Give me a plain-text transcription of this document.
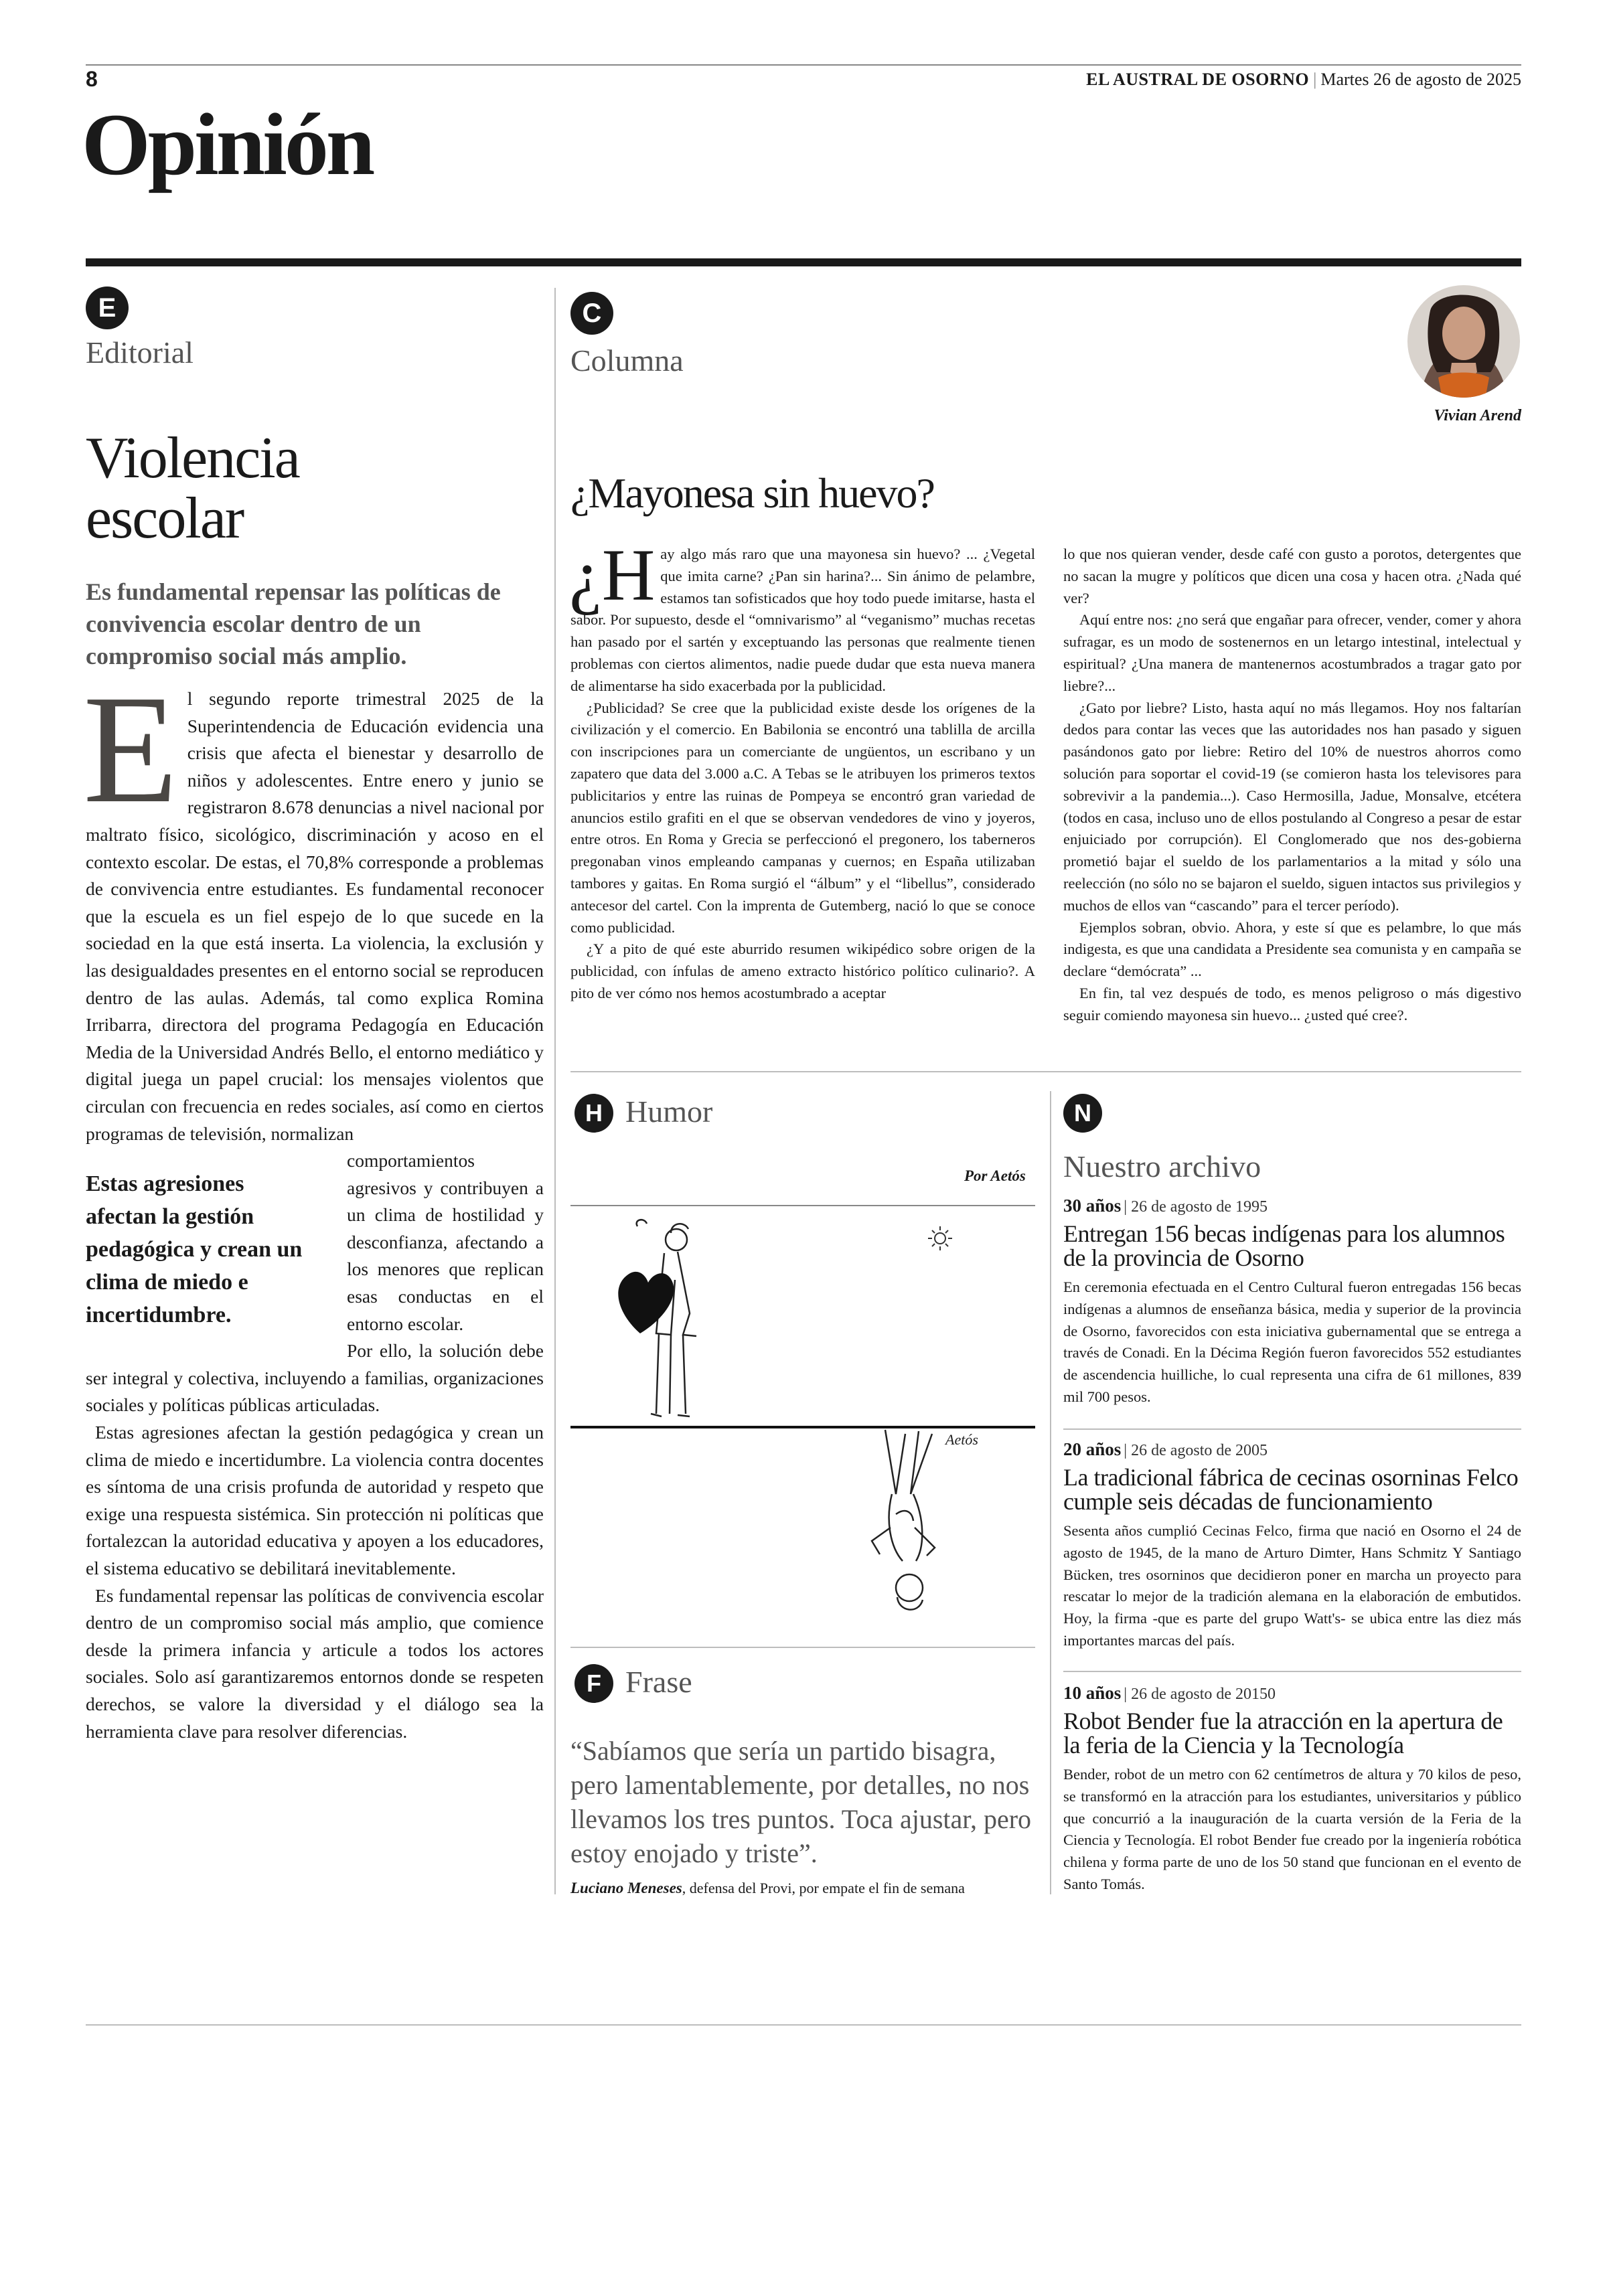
8	EL AUSTRAL DE OSORNO | Martes 26 de agosto de 2025
Opinión
E
Editorial
Violencia
escolar
Es fundamental repensar las políticas de convivencia escolar dentro de un compromiso social más amplio.
E l segundo reporte trimestral 2025 de la Superintendencia de Educación evidencia una crisis que afecta el bienestar y desarrollo de niños y adolescentes. Entre enero y junio se registraron 8.678 denuncias a nivel nacional por maltrato físico, sicológico, discriminación y acoso en el contexto escolar. De estas, el 70,8% corresponde a problemas de convivencia entre estudiantes. Es fundamental reconocer que la escuela es un fiel espejo de lo que sucede en la sociedad en la que está inserta. La violencia, la exclusión y las desigualdades presentes en el entorno social se reproducen dentro de las aulas. Además, tal como explica Romina Irribarra, directora del programa Pedagogía en Educación Media de la Universidad Andrés Bello, el entorno mediático y digital juega un papel crucial: los mensajes violentos que circulan con frecuencia en redes sociales, así como en ciertos programas de televisión, normalizan

Estas agresiones afectan la gestión pedagógica y crean un clima de miedo e incertidumbre.

comportamientos agresivos y contribuyen a un clima de hostilidad y desconfianza, afectando a los menores que replican esas conductas en el entorno escolar.

Por ello, la solución debe ser integral y colectiva, incluyendo a familias, organizaciones sociales y políticas públicas articuladas.

Estas agresiones afectan la gestión pedagógica y crean un clima de miedo e incertidumbre. La violencia contra docentes es síntoma de una crisis profunda de autoridad y respeto que exige una respuesta sistémica. Sin protección ni políticas que fortalezcan la autoridad educativa y apoyen a los educadores, el sistema educativo se debilitará inevitablemente.

Es fundamental repensar las políticas de convivencia escolar dentro de un compromiso social más amplio, que comience desde la primera infancia y articule a todos los actores sociales. Solo así garantizaremos entornos donde se respeten derechos, se valore la diversidad y el diálogo sea la herramienta clave para resolver diferencias.

C
Columna
Vivian Arend
¿Mayonesa sin huevo?
¿H ay algo más raro que una mayonesa sin huevo? ... ¿Vegetal que imita carne? ¿Pan sin harina?... Sin ánimo de pelambre, estamos tan sofisticados que hoy todo puede imitarse, hasta el sabor. Por supuesto, desde el “omnivarismo” al “veganismo” muchas recetas han pasado por el sartén y exceptuando las personas que realmente tienen problemas con ciertos alimentos, nadie puede dudar que esta nueva manera de alimentarse ha sido exacerbada por la publicidad.

¿Publicidad? Se cree que la publicidad existe desde los orígenes de la civilización y el comercio. En Babilonia se encontró una tablilla de arcilla con inscripciones para un comerciante de ungüentos, un escribano y un zapatero que data del 3.000 a.C. A Tebas se le atribuyen los primeros textos publicitarios y entre las ruinas de Pompeya se encontró gran variedad de anuncios estilo grafiti en el que se observan vendedores de vino y joyeros, entre otros. En Roma y Grecia se perfeccionó el pregonero, los taberneros pregonaban vinos empleando campanas y cuernos; en España utilizaban tambores y gaitas. En Roma surgió el “álbum” y el “libellus”, considerado antecesor del cartel. Con la imprenta de Gutemberg, nació lo que se conoce como publicidad.

¿Y a pito de qué este aburrido resumen wikipédico sobre origen de la publicidad, con ínfulas de ameno extracto histórico político culinario?. A pito de ver cómo nos hemos acostumbrado a aceptar

lo que nos quieran vender, desde café con gusto a porotos, detergentes que no sacan la mugre y políticos que dicen una cosa y hacen otra. ¿Nada qué ver?

Aquí entre nos: ¿no será que engañar para ofrecer, vender, comer y ahora sufragar, es un modo de sostenernos en un letargo intestinal, intelectual y espiritual? ¿Una manera de mantenernos acostumbrados a tragar gato por liebre?...

¿Gato por liebre? Listo, hasta aquí no más llegamos. Hoy nos faltarían dedos para contar las veces que las autoridades nos han pasado y siguen pasándonos gato por liebre: Retiro del 10% de nuestros ahorros como solución para soportar el covid-19 (se comieron hasta los televisores para sobrevivir a la pandemia...). Caso Hermosilla, Jadue, Monsalve, etcétera (todos en casa, incluso uno de ellos postulando al Congreso a pesar de estar enjuiciado por corrupción). El Conglomerado que nos des-gobierna prometió bajar el sueldo de los parlamentarios a la mitad y sólo una reelección (no sólo no se bajaron el sueldo, siguen intactos sus privilegios y muchos de ellos van “cascando” para el tercer período).

Ejemplos sobran, obvio. Ahora, y este sí que es pelambre, lo que más indigesta, es que una candidata a Presidente sea comunista y en campaña se declare “demócrata” ...

En fin, tal vez después de todo, es menos peligroso o más digestivo seguir comiendo mayonesa sin huevo... ¿usted qué cree?.

H Humor
Por Aetós
Aetós
F Frase
“Sabíamos que sería un partido bisagra, pero lamentablemente, por detalles, no nos llevamos los tres puntos. Toca ajustar, pero estoy enojado y triste”.
Luciano Meneses, defensa del Provi, por empate el fin de semana
N
Nuestro archivo
30 años | 26 de agosto de 1995
Entregan 156 becas indígenas para los alumnos de la provincia de Osorno
En ceremonia efectuada en el Centro Cultural fueron entregadas 156 becas indígenas a alumnos de enseñanza básica, media y superior de la provincia de Osorno, favorecidos con esta iniciativa gubernamental que se entrega a través de Conadi. En la Décima Región fueron favorecidos 552 estudiantes de ascendencia huilliche, lo cual representa una cifra de 61 millones, 839 mil 700 pesos.
20 años | 26 de agosto de 2005
La tradicional fábrica de cecinas osorninas Felco cumple seis décadas de funcionamiento
Sesenta años cumplió Cecinas Felco, firma que nació en Osorno el 24 de agosto de 1945, de la mano de Arturo Dimter, Hans Schmitz Y Santiago Bücken, tres osorninos que decidieron poner en marcha un proyecto para rescatar lo mejor de la tradición alemana en la elaboración de embutidos. Hoy, la firma -que es parte del grupo Watt's- se ubica entre las diez más importantes marcas del país.
10 años | 26 de agosto de 20150
Robot Bender fue la atracción en la apertura de la feria de la Ciencia y la Tecnología
Bender, robot de un metro con 62 centímetros de altura y 70 kilos de peso, se transformó en la atracción para los estudiantes, universitarios y público que concurrió a la inauguración de la cuarta versión de la Feria de la Ciencia y Tecnología. El robot Bender fue creado por la ingeniería robótica chilena y forma parte de uno de los 50 stand que funcionan en el evento de Santo Tomás.
